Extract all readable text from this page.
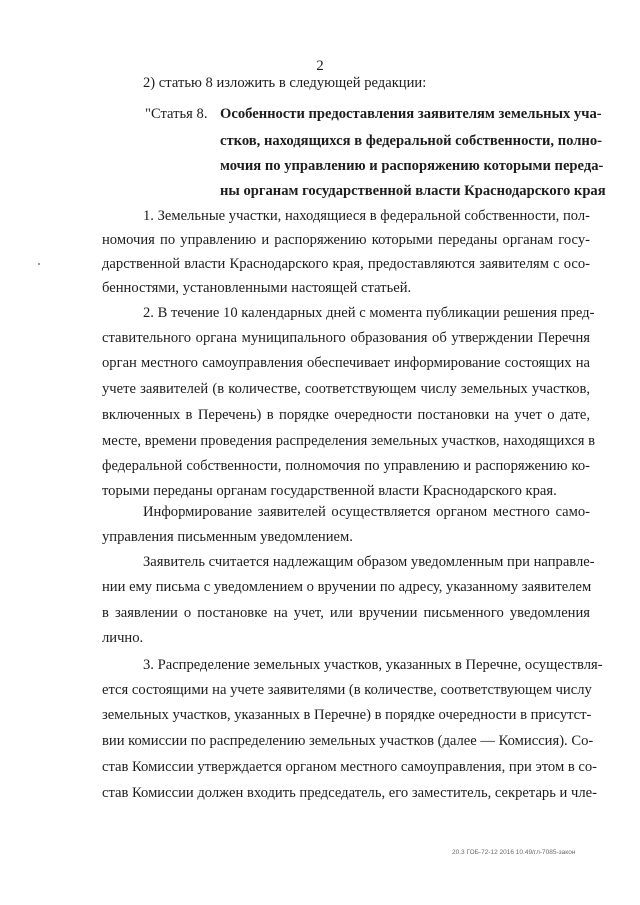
2
2) статью 8 изложить в следующей редакции:
"Статья 8. Особенности предоставления заявителям земельных уча-
стков, находящихся в федеральной собственности, полно-
мочия по управлению и распоряжению которыми переда-
ны органам государственной власти Краснодарского края
1. Земельные участки, находящиеся в федеральной собственности, пол-
номочия по управлению и распоряжению которыми переданы органам госу-
дарственной власти Краснодарского края, предоставляются заявителям с осо-
бенностями, установленными настоящей статьей.
2. В течение 10 календарных дней с момента публикации решения пред-
ставительного органа муниципального образования об утверждении Перечня
орган местного самоуправления обеспечивает информирование состоящих на
учете заявителей (в количестве, соответствующем числу земельных участков,
включенных в Перечень) в порядке очередности постановки на учет о дате,
месте, времени проведения распределения земельных участков, находящихся в
федеральной собственности, полномочия по управлению и распоряжению ко-
торыми переданы органам государственной власти Краснодарского края.
Информирование заявителей осуществляется органом местного само-
управления письменным уведомлением.
Заявитель считается надлежащим образом уведомленным при направле-
нии ему письма с уведомлением о вручении по адресу, указанному заявителем
в заявлении о постановке на учет, или вручении письменного уведомления
лично.
3. Распределение земельных участков, указанных в Перечне, осуществля-
ется состоящими на учете заявителями (в количестве, соответствующем числу
земельных участков, указанных в Перечне) в порядке очередности в присутст-
вии комиссии по распределению земельных участков (далее — Комиссия). Со-
став Комиссии утверждается органом местного самоуправления, при этом в со-
став Комиссии должен входить председатель, его заместитель, секретарь и чле-
20.3 ГОБ-72-12 2016 10.49/гл-7085-закон
